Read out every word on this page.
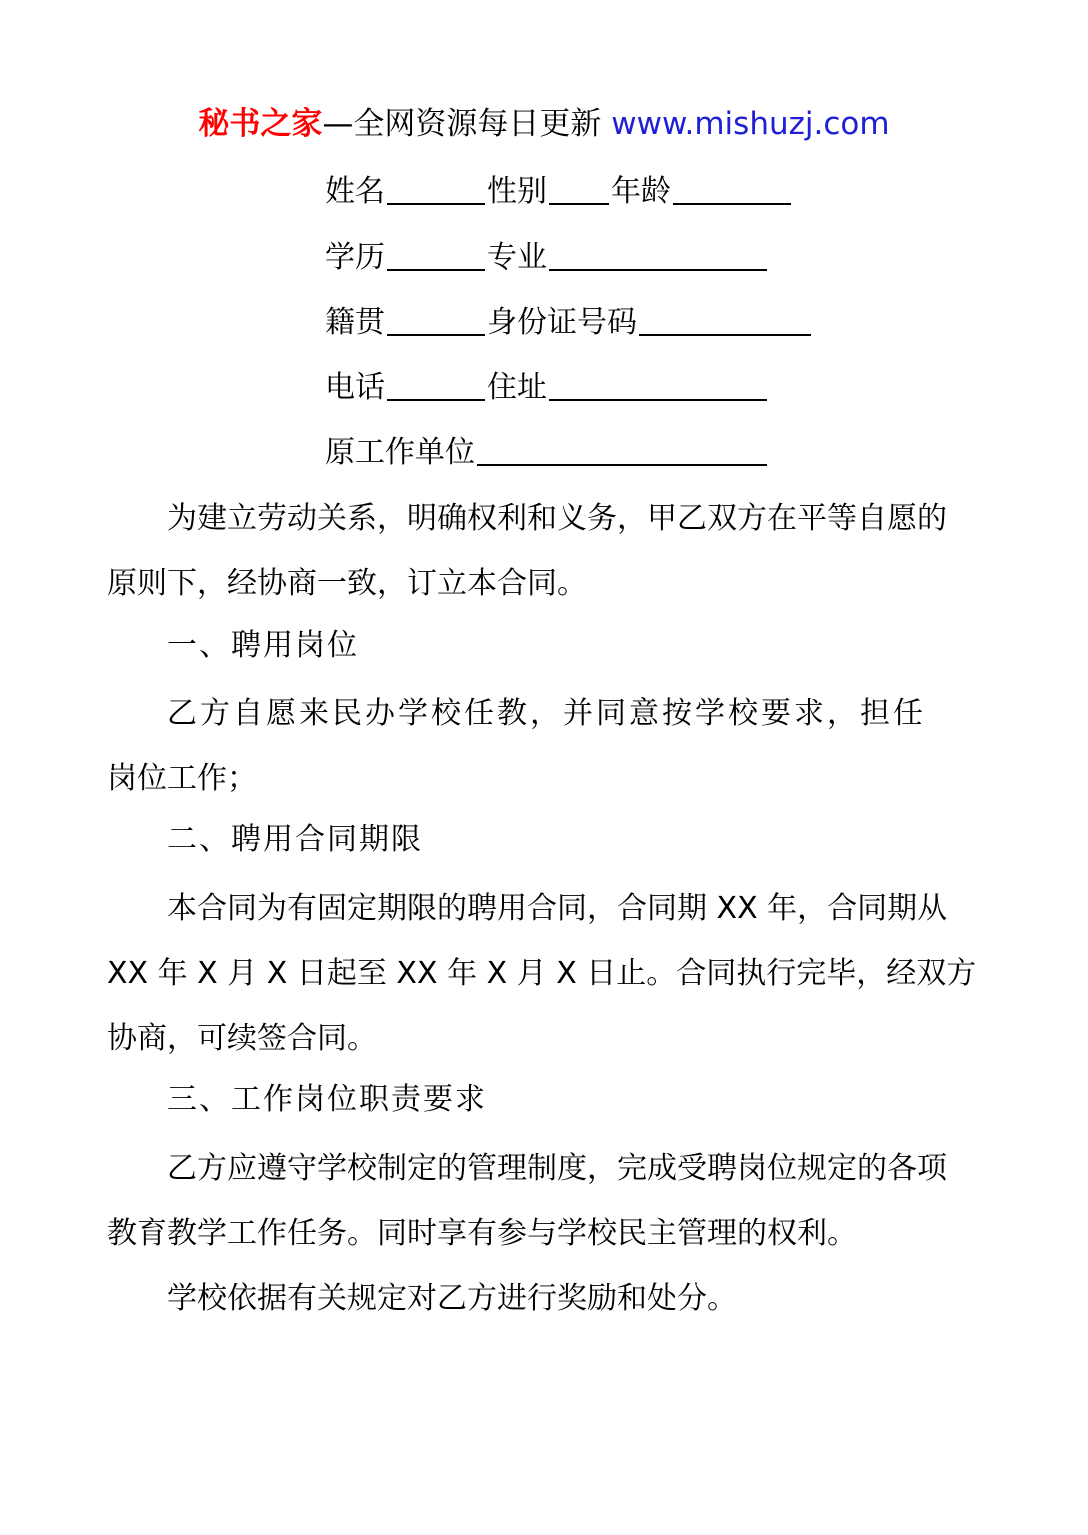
秘书之家—全网资源每日更新 www.mishuzj.com
姓名	性别 年龄
学历	专业
籍贯	身份证号码
电话	住址
原工作单位

为建立劳动关系，明确权利和义务，甲乙双方在平等自愿的

原则下，经协商一致，订立本合同。

一、聘用岗位

乙方自愿来民办学校任教，并同意按学校要求，担任

岗位工作；

二、聘用合同期限

本合同为有固定期限的聘用合同，合同期 XX 年，合同期从

XX 年 X 月 X 日起至 XX 年 X 月 X 日止。合同执行完毕，经双方

协商，可续签合同。

三、工作岗位职责要求

乙方应遵守学校制定的管理制度，完成受聘岗位规定的各项

教育教学工作任务。同时享有参与学校民主管理的权利。

学校依据有关规定对乙方进行奖励和处分。
